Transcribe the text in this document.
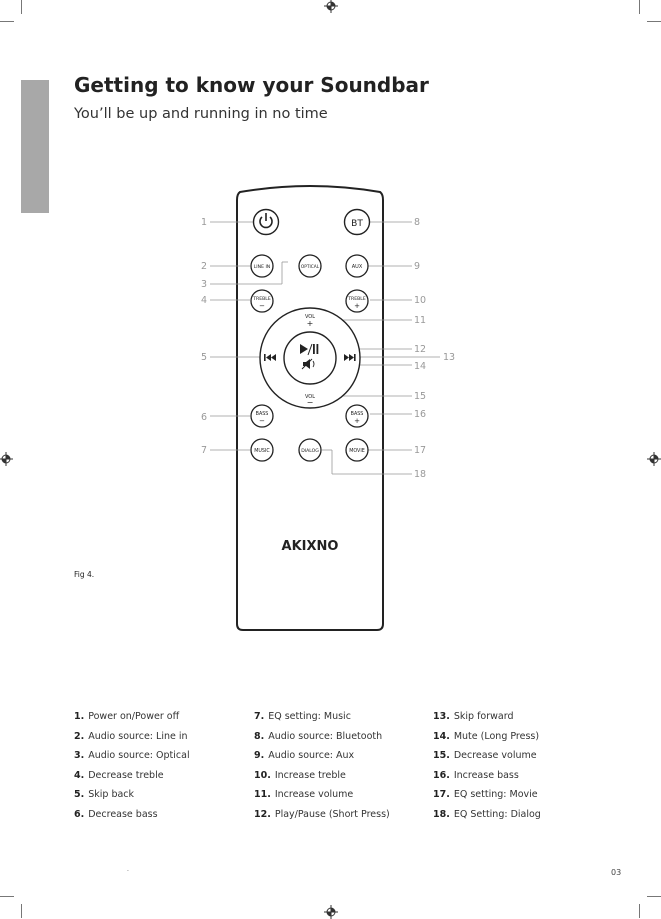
Getting to know your Soundbar
You’ll be up and running in no time
Fig 4.
BT
LINE IN	OPTICAL	AUX
TREBLE
−
TREBLE
+
VOL
+
VOL
−
BASS
−
BASS
+
MUSIC	DIALOG	MOVIE
AKIXNO
1
2
3
4
5
6
7
8
9
10
11
12
13
14
15
16
17
18
1. Power on/Power off
2. Audio source: Line in
3. Audio source: Optical
4. Decrease treble
5. Skip back
6. Decrease bass
7. EQ setting: Music
8. Audio source: Bluetooth
9. Audio source: Aux
10. Increase treble
11. Increase volume
12. Play/Pause (Short Press)
13. Skip forward
14. Mute (Long Press)
15. Decrease volume
16. Increase bass
17. EQ setting: Movie
18. EQ Setting: Dialog
.	03
